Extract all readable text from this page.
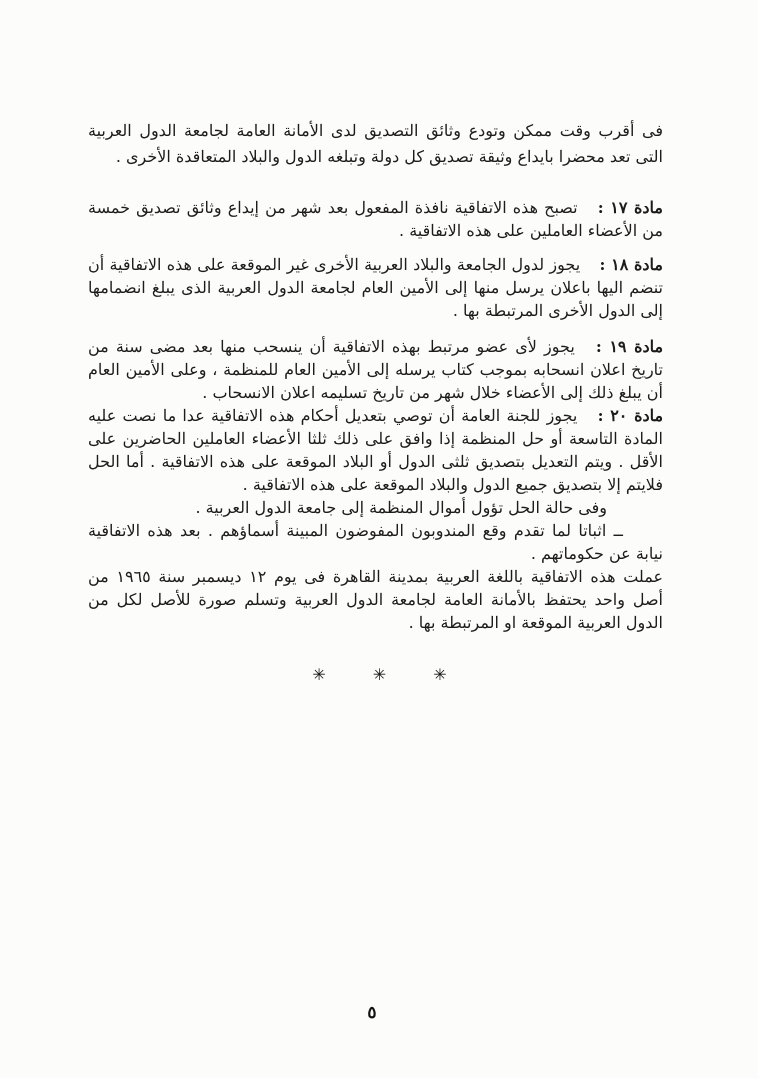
فى أقرب وقت ممكن وتودع وثائق التصديق لدى الأمانة العامة لجامعة الدول العربية التى تعد محضرا بايداع وثيقة تصديق كل دولة وتبلغه الدول والبلاد المتعاقدة الأخرى .

مادة ١٧ : تصبح هذه الاتفاقية نافذة المفعول بعد شهر من إيداع وثائق تصديق خمسة من الأعضاء العاملين على هذه الاتفاقية .

مادة ١٨ : يجوز لدول الجامعة والبلاد العربية الأخرى غير الموقعة على هذه الاتفاقية أن تنضم اليها باعلان يرسل منها إلى الأمين العام لجامعة الدول العربية الذى يبلغ انضمامها إلى الدول الأخرى المرتبطة بها .

مادة ١٩ : يجوز لأى عضو مرتبط بهذه الاتفاقية أن ينسحب منها بعد مضى سنة من تاريخ اعلان انسحابه بموجب كتاب يرسله إلى الأمين العام للمنظمة ، وعلى الأمين العام أن يبلغ ذلك إلى الأعضاء خلال شهر من تاريخ تسليمه اعلان الانسحاب .

مادة ٢٠ : يجوز للجنة العامة أن توصي بتعديل أحكام هذه الاتفاقية عدا ما نصت عليه المادة التاسعة أو حل المنظمة إذا وافق على ذلك ثلثا الأعضاء العاملين الحاضرين على الأقل . ويتم التعديل بتصديق ثلثى الدول أو البلاد الموقعة على هذه الاتفاقية . أما الحل فلايتم إلا بتصديق جميع الدول والبلاد الموقعة على هذه الاتفاقية .

وفى حالة الحل تؤول أموال المنظمة إلى جامعة الدول العربية .

ــ اثباتا لما تقدم وقع المندوبون المفوضون المبينة أسماؤهم . بعد هذه الاتفاقية نيابة عن حكوماتهم .

عملت هذه الاتفاقية باللغة العربية بمدينة القاهرة فى يوم ١٢ ديسمبر سنة ١٩٦٥ من أصل واحد يحتفظ بالأمانة العامة لجامعة الدول العربية وتسلم صورة للأصل لكل من الدول العربية الموقعة او المرتبطة بها .

✳
✳
✳
٥
